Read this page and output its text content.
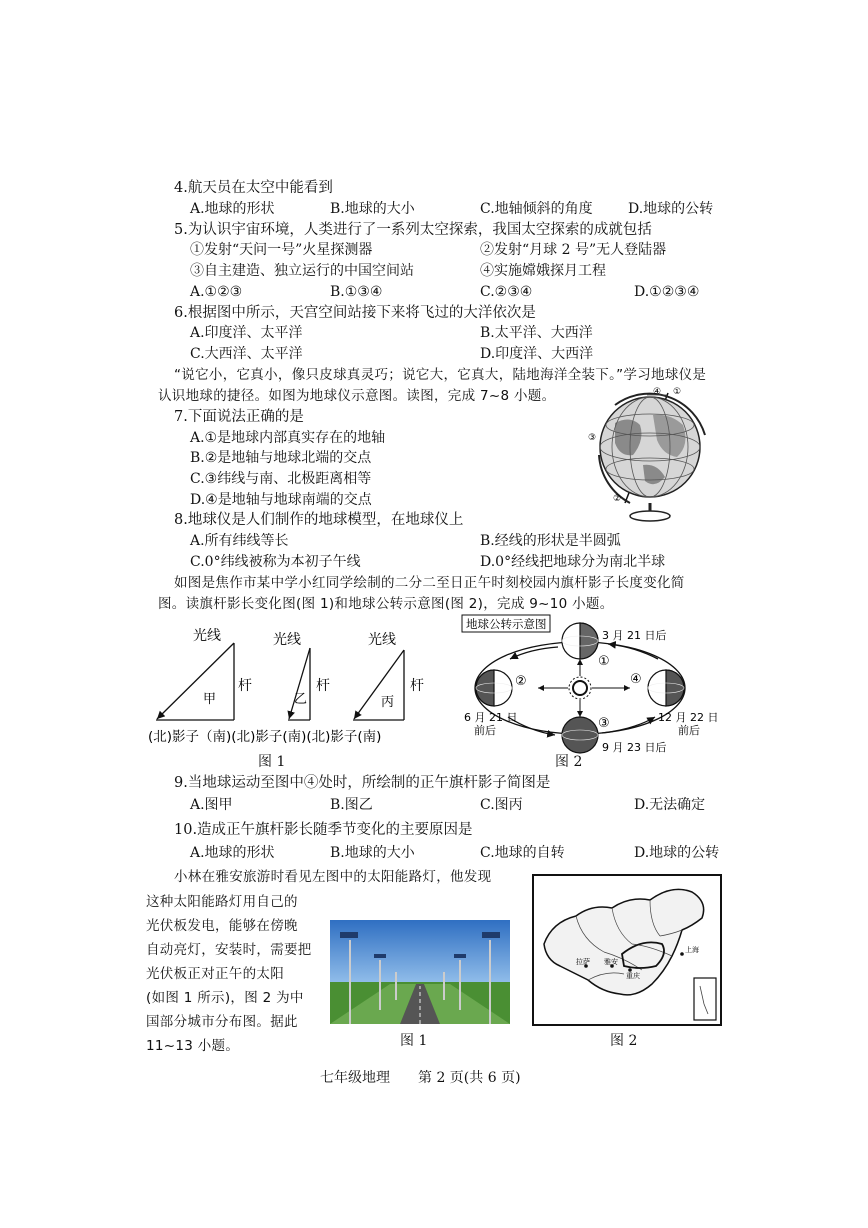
4.航天员在太空中能看到
A.地球的形状	B.地球的大小	C.地轴倾斜的角度	D.地球的公转
5.为认识宇宙环境，人类进行了一系列太空探索，我国太空探索的成就包括
①发射“天问一号”火星探测器	②发射“月球 2 号”无人登陆器
③自主建造、独立运行的中国空间站	④实施嫦娥探月工程
A.①②③	B.①③④	C.②③④	D.①②③④
6.根据图中所示，天宫空间站接下来将飞过的大洋依次是
A.印度洋、太平洋	B.太平洋、大西洋
C.大西洋、太平洋	D.印度洋、大西洋
“说它小，它真小，像只皮球真灵巧；说它大，它真大，陆地海洋全装下。”学习地球仪是
认识地球的捷径。如图为地球仪示意图。读图，完成 7~8 小题。
7.下面说法正确的是
A.①是地球内部真实存在的地轴
B.②是地轴与地球北端的交点
C.③纬线与南、北极距离相等
D.④是地轴与地球南端的交点
④ ①
③
②
8.地球仪是人们制作的地球模型，在地球仪上
A.所有纬线等长	B.经线的形状是半圆弧
C.0°纬线被称为本初子午线	D.0°经线把地球分为南北半球
如图是焦作市某中学小红同学绘制的二分二至日正午时刻校园内旗杆影子长度变化简
图。读旗杆影长变化图(图 1)和地球公转示意图(图 2)，完成 9~10 小题。
光线
杆
甲
光线
杆
乙
光线
杆
丙
(北)影子（南)(北)影子(南)(北)影子(南)
图 1
地球公转示意图
3 月 21 日后
①
②
③
④
6 月 21 日
前后
9 月 23 日后
12 月 22 日
前后
图 2
9.当地球运动至图中④处时，所绘制的正午旗杆影子简图是
A.图甲	B.图乙	C.图丙	D.无法确定
10.造成正午旗杆影长随季节变化的主要原因是
A.地球的形状	B.地球的大小	C.地球的自转	D.地球的公转
小林在雅安旅游时看见左图中的太阳能路灯，他发现
这种太阳能路灯用自己的
光伏板发电，能够在傍晚
自动亮灯，安装时，需要把
光伏板正对正午的太阳
(如图 1 所示)，图 2 为中
国部分城市分布图。据此
11~13 小题。	图 1
拉萨 雅安
重庆
上海
图 2
七年级地理　　第 2 页(共 6 页)
